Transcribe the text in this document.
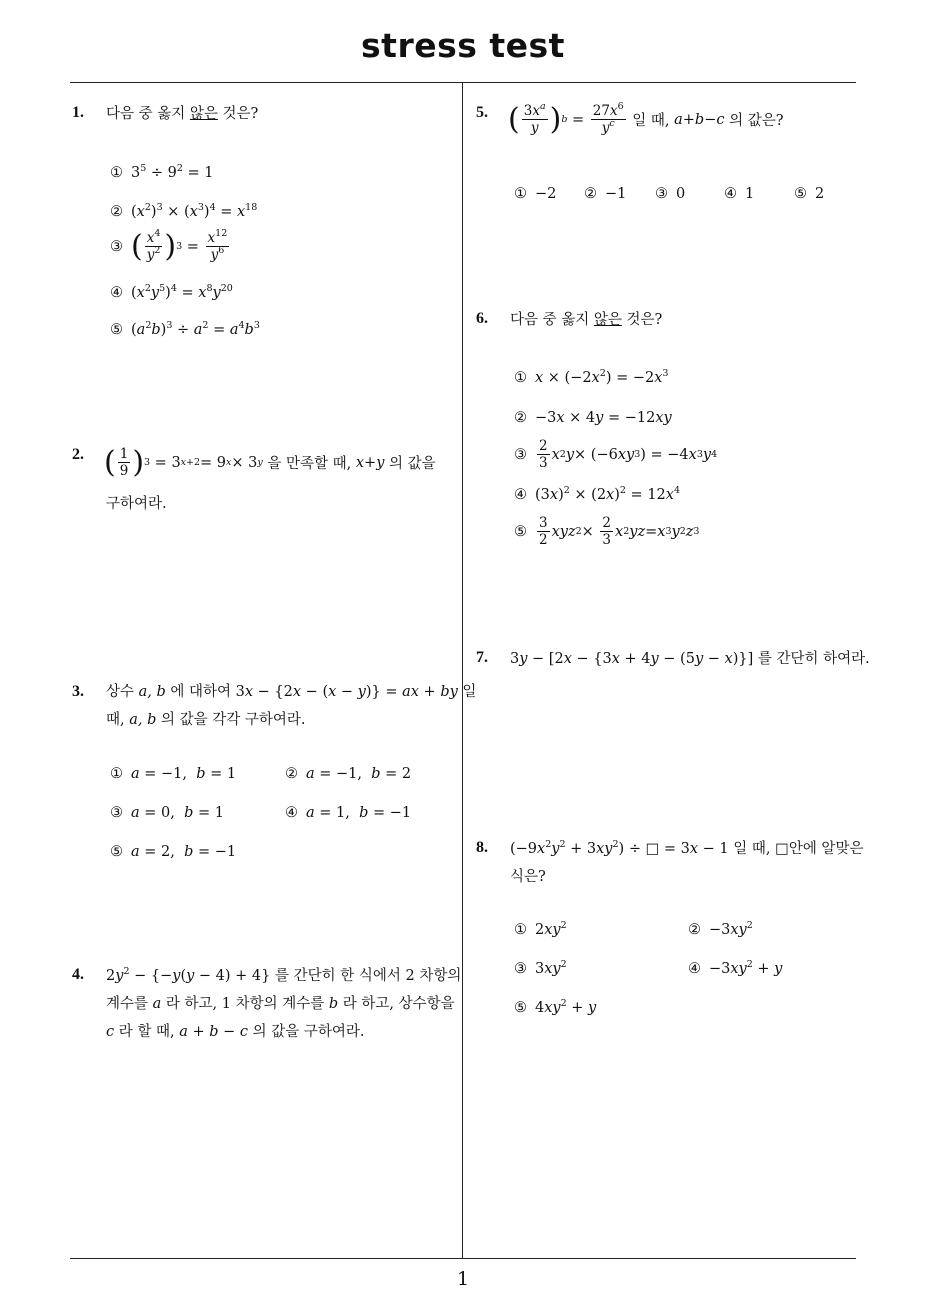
stress test
1
1. 다음 중 옳지 않은 것은?
① $3^5 \div 9^2 = 1$
② $(x^2)^3 \times (x^3)^4 = x^{18}$
③ ( $\frac{x^4}{y^2}$ ) $3 = \frac{x^{12}}{y^6}$
④ $(x^2y^5)^4 = x^8y^{20}$
⑤ $(a^2b)^3 \div a^2 = a^4b^3$
2. ( $\frac{1}{9}$ ) 3 = 3 x+2 = 9 x × 3 y
을 만족할 때,
x + y
의 값을
구하여라.
3. 상수 a, b 에 대하여 3x − {2x − (x − y)} = ax + by 일
때, a, b 의 값을 각각 구하여라.
① a = −1,  b = 1	② a = −1,  b = 2
③ a = 0,  b = 1	④ a = 1,  b = −1
⑤ a = 2,  b = −1
4. $2y^2 - \{-y(y - 4) + 4\}$ 를 간단히 한 식에서 2 차항의
계수를 a 라 하고, 1 차항의 계수를 b 라 하고, 상수항을
c 라 할 때, a + b − c 의 값을 구하여라.
5. ( $\frac{3x^a}{y}$ ) $b = \frac{27x^6}{y^c}$
일 때,
a + b − c
의 값은?
① −2 ② −1 ③ 0	④ 1	⑤ 2
6. 다음 중 옳지 않은 것은?
① $x \times (-2x^2) = -2x^3$
② −3x × 4y = −12xy
③ $\frac{2}{3}$ x 2 y × (−6 xy 3 ) = −4 x 3 y 4
④ $(3x)^2 \times (2x)^2 = 12x^4$
⑤ $\frac{3}{2}$ xyz $2 \times \frac{2}{3}$ x 2 yz = x 3 y 2 z 3
7. 3y − [2x − {3x + 4y − (5y − x)}] 를 간단히 하여라.
8. $(-9x^2y^2 + 3xy^2)$ ÷ □ = 3x − 1 일 때, □안에 알맞은
식은?
① $2xy^2$	② $-3xy^2$
③ $3xy^2$	④ $-3xy^2 + y$
⑤ $4xy^2 + y$
